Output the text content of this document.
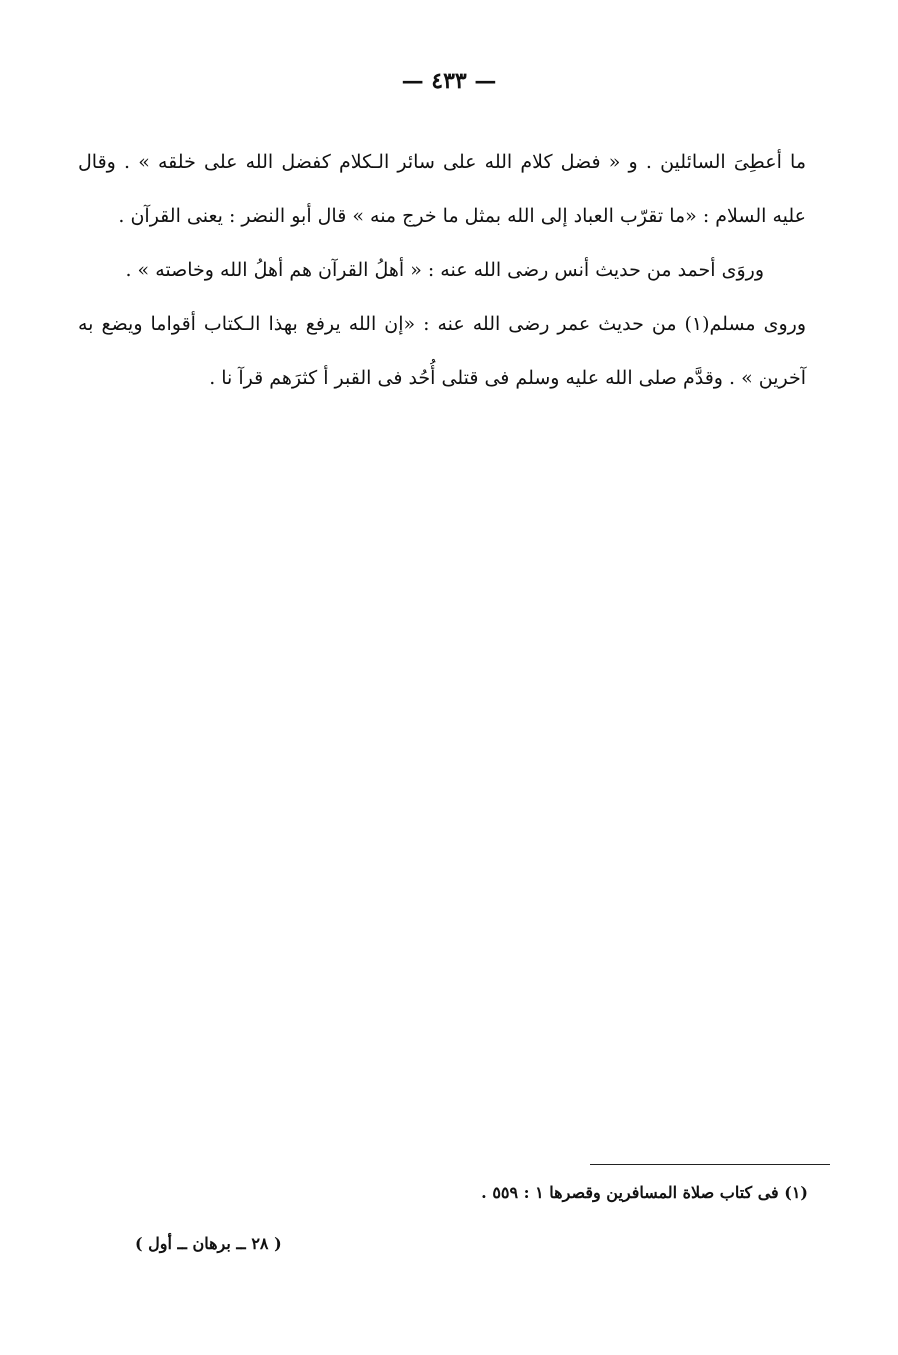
— ٤٣٣ —

ما أعطِىَ السائلين . و « فضل كلام الله على سائر الـكلام كفضل الله على خلقه » . وقال عليه السلام : «ما تقرّب العباد إلى الله بمثل ما خرج منه » قال أبو النضر : يعنى القرآن .

وروَى أحمد من حديث أنس رضى الله عنه : « أهلُ القرآن هم أهلُ الله وخاصته » .

وروى مسلم(١) من حديث عمر رضى الله عنه : «إن الله يرفع بهذا الـكتاب أقواما ويضع به آخرين » . وقدَّم صلى الله عليه وسلم فى قتلى أُحُد فى القبر أ كثرَهم قرآ نا .

(١) فى كتاب صلاة المسافرين وقصرها ١ : ٥٥٩ .
( ٢٨ ــ برهان ــ أول )
